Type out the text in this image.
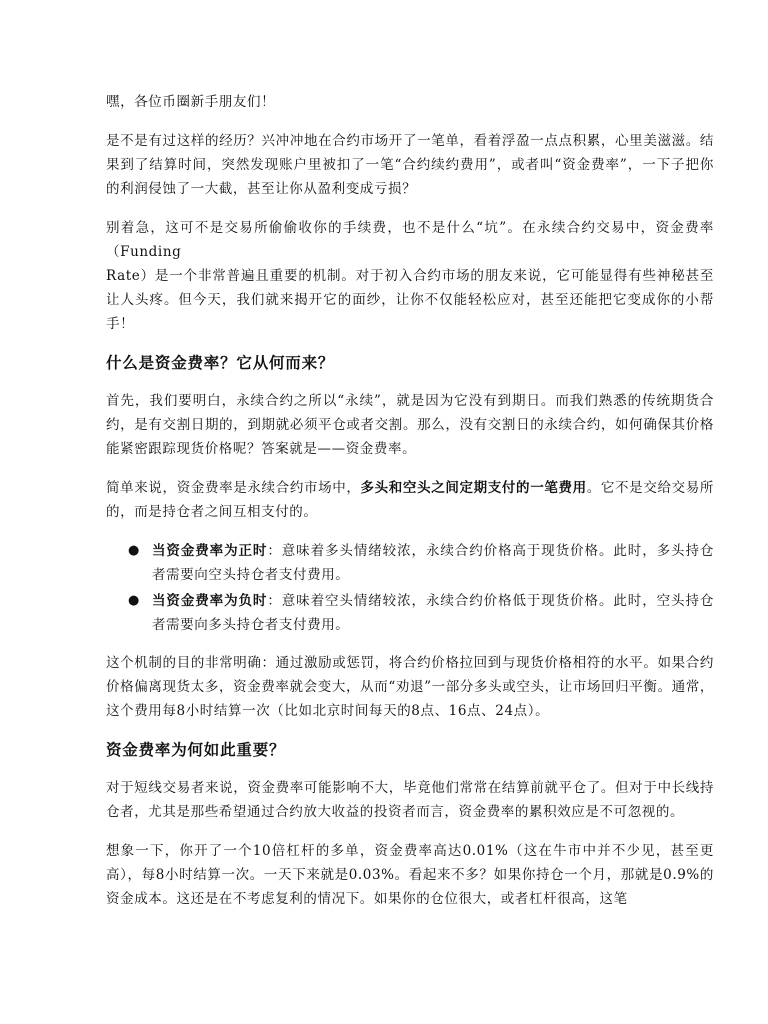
嘿，各位币圈新手朋友们！

是不是有过这样的经历？兴冲冲地在合约市场开了一笔单，看着浮盈一点点积累，心里美滋滋。结果到了结算时间，突然发现账户里被扣了一笔“合约续约费用”，或者叫“资金费率”，一下子把你的利润侵蚀了一大截，甚至让你从盈利变成亏损？

别着急，这可不是交易所偷偷收你的手续费，也不是什么“坑”。在永续合约交易中，资金费率（Funding
Rate）是一个非常普遍且重要的机制。对于初入合约市场的朋友来说，它可能显得有些神秘甚至让人头疼。但今天，我们就来揭开它的面纱，让你不仅能轻松应对，甚至还能把它变成你的小帮手！

什么是资金费率？它从何而来？

首先，我们要明白，永续合约之所以“永续”，就是因为它没有到期日。而我们熟悉的传统期货合约，是有交割日期的，到期就必须平仓或者交割。那么，没有交割日的永续合约，如何确保其价格能紧密跟踪现货价格呢？答案就是——资金费率。

简单来说，资金费率是永续合约市场中，多头和空头之间定期支付的一笔费用。它不是交给交易所的，而是持仓者之间互相支付的。

● 当资金费率为正时：意味着多头情绪较浓，永续合约价格高于现货价格。此时，多头持仓者需要向空头持仓者支付费用。
● 当资金费率为负时：意味着空头情绪较浓，永续合约价格低于现货价格。此时，空头持仓者需要向多头持仓者支付费用。

这个机制的目的非常明确：通过激励或惩罚，将合约价格拉回到与现货价格相符的水平。如果合约价格偏离现货太多，资金费率就会变大，从而“劝退”一部分多头或空头，让市场回归平衡。通常，这个费用每8小时结算一次（比如北京时间每天的8点、16点、24点）。

资金费率为何如此重要？

对于短线交易者来说，资金费率可能影响不大，毕竟他们常常在结算前就平仓了。但对于中长线持仓者，尤其是那些希望通过合约放大收益的投资者而言，资金费率的累积效应是不可忽视的。

想象一下，你开了一个10倍杠杆的多单，资金费率高达0.01%（这在牛市中并不少见，甚至更高），每8小时结算一次。一天下来就是0.03%。看起来不多？如果你持仓一个月，那就是0.9%的资金成本。这还是在不考虑复利的情况下。如果你的仓位很大，或者杠杆很高，这笔
